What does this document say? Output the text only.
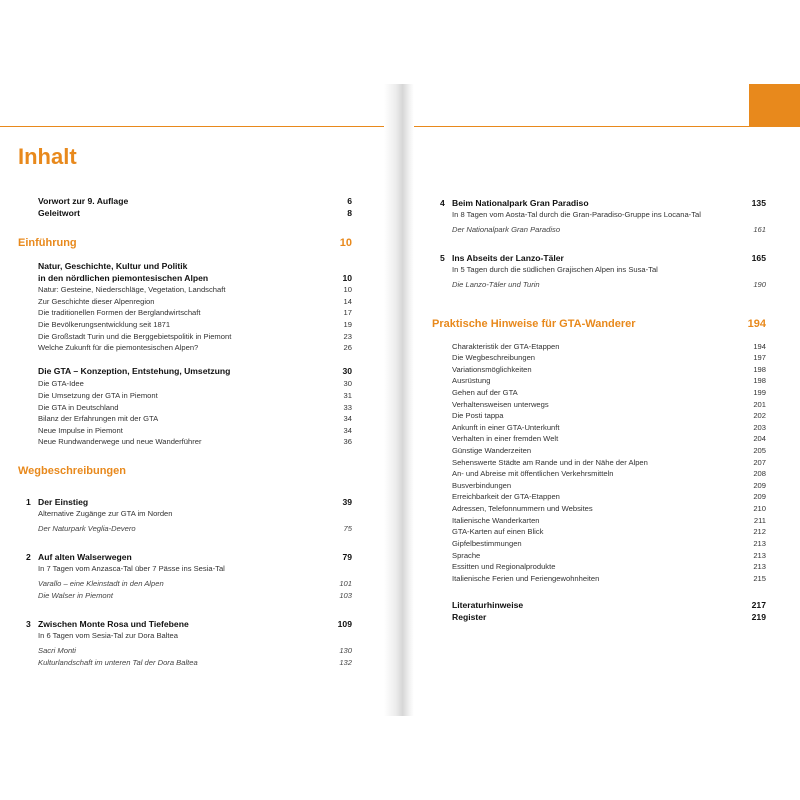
Inhalt
Vorwort zur 9. Auflage	6
Geleitwort	8
Einführung	10
Natur, Geschichte, Kultur und Politik
in den nördlichen piemontesischen Alpen	10
Natur: Gesteine, Niederschläge, Vegetation, Landschaft	10
Zur Geschichte dieser Alpenregion	14
Die traditionellen Formen der Berglandwirtschaft	17
Die Bevölkerungsentwicklung seit 1871	19
Die Großstadt Turin und die Berggebietspolitik in Piemont	23
Welche Zukunft für die piemontesischen Alpen?	26
Die GTA – Konzeption, Entstehung, Umsetzung	30
Die GTA-Idee	30
Die Umsetzung der GTA in Piemont	31
Die GTA in Deutschland	33
Bilanz der Erfahrungen mit der GTA	34
Neue Impulse in Piemont	34
Neue Rundwanderwege und neue Wanderführer	36
Wegbeschreibungen
1 Der Einstieg	39
Alternative Zugänge zur GTA im Norden
Der Naturpark Veglia-Devero	75
2 Auf alten Walserwegen	79
In 7 Tagen vom Anzasca-Tal über 7 Pässe ins Sesia-Tal
Varallo – eine Kleinstadt in den Alpen	101
Die Walser in Piemont	103
3 Zwischen Monte Rosa und Tiefebene	109
In 6 Tagen vom Sesia-Tal zur Dora Baltea
Sacri Monti	130
Kulturlandschaft im unteren Tal der Dora Baltea	132
4 Beim Nationalpark Gran Paradiso	135
In 8 Tagen vom Aosta-Tal durch die Gran-Paradiso-Gruppe ins Locana-Tal
Der Nationalpark Gran Paradiso	161
5 Ins Abseits der Lanzo-Täler	165
In 5 Tagen durch die südlichen Grajischen Alpen ins Susa-Tal
Die Lanzo-Täler und Turin	190
Praktische Hinweise für GTA-Wanderer	194
Charakteristik der GTA-Etappen	194
Die Wegbeschreibungen	197
Variationsmöglichkeiten	198
Ausrüstung	198
Gehen auf der GTA	199
Verhaltensweisen unterwegs	201
Die Posti tappa	202
Ankunft in einer GTA-Unterkunft	203
Verhalten in einer fremden Welt	204
Günstige Wanderzeiten	205
Sehenswerte Städte am Rande und in der Nähe der Alpen	207
An- und Abreise mit öffentlichen Verkehrsmitteln	208
Busverbindungen	209
Erreichbarkeit der GTA-Etappen	209
Adressen, Telefonnummern und Websites	210
Italienische Wanderkarten	211
GTA-Karten auf einen Blick	212
Gipfelbestimmungen	213
Sprache	213
Essitten und Regionalprodukte	213
Italienische Ferien und Feriengewohnheiten	215
Literaturhinweise	217
Register	219
